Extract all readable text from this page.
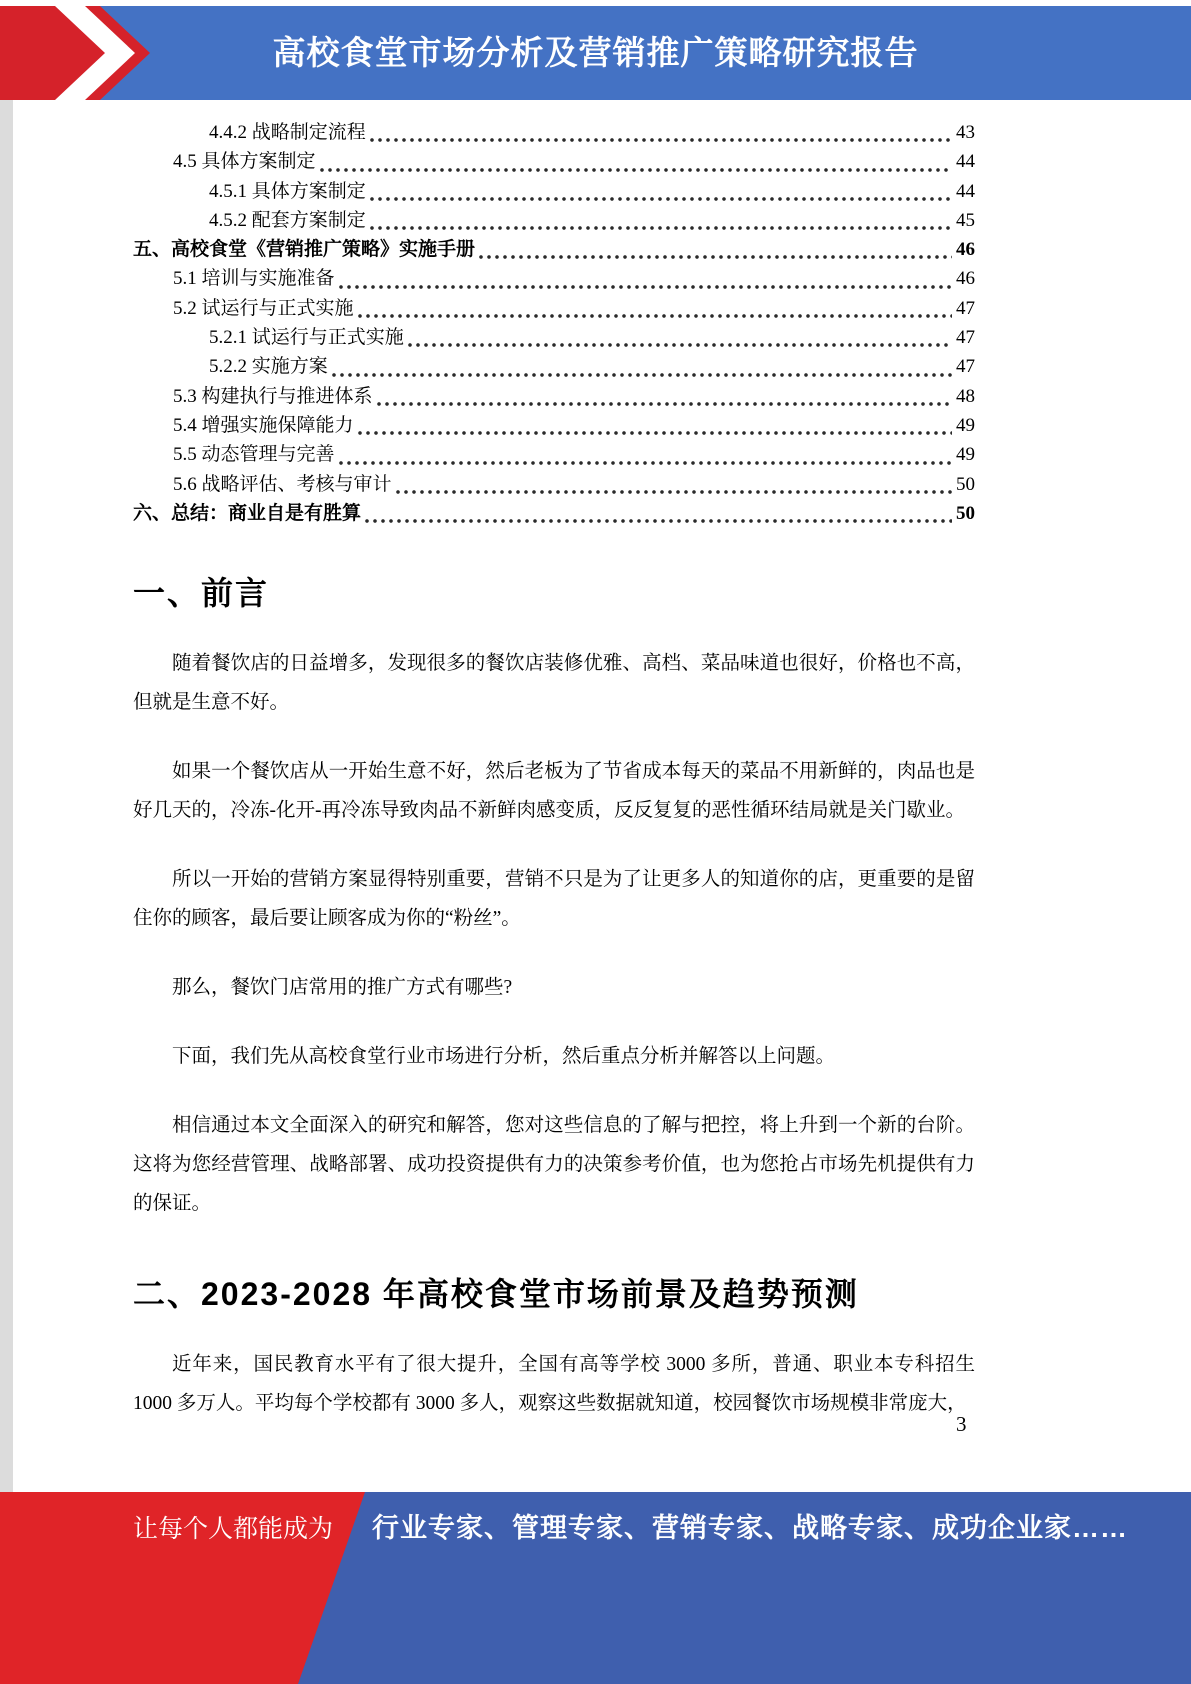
高校食堂市场分析及营销推广策略研究报告
4.4.2 战略制定流程	43
4.5 具体方案制定	44
4.5.1 具体方案制定	44
4.5.2 配套方案制定	45
五、高校食堂《营销推广策略》实施手册	46
5.1 培训与实施准备	46
5.2 试运行与正式实施	47
5.2.1 试运行与正式实施	47
5.2.2 实施方案	47
5.3 构建执行与推进体系	48
5.4 增强实施保障能力	49
5.5 动态管理与完善	49
5.6 战略评估、考核与审计	50
六、总结：商业自是有胜算	50
一、前言

随着餐饮店的日益增多，发现很多的餐饮店装修优雅、高档、菜品味道也很好，价格也不高，但就是生意不好。

如果一个餐饮店从一开始生意不好，然后老板为了节省成本每天的菜品不用新鲜的，肉品也是好几天的，冷冻-化开-再冷冻导致肉品不新鲜肉感变质，反反复复的恶性循环结局就是关门歇业。

所以一开始的营销方案显得特别重要，营销不只是为了让更多人的知道你的店，更重要的是留住你的顾客，最后要让顾客成为你的“粉丝”。

那么，餐饮门店常用的推广方式有哪些?

下面，我们先从高校食堂行业市场进行分析，然后重点分析并解答以上问题。

相信通过本文全面深入的研究和解答，您对这些信息的了解与把控，将上升到一个新的台阶。这将为您经营管理、战略部署、成功投资提供有力的决策参考价值，也为您抢占市场先机提供有力的保证。

二、2023-2028 年高校食堂市场前景及趋势预测

近年来，国民教育水平有了很大提升，全国有高等学校 3000 多所，普通、职业本专科招生 1000 多万人。平均每个学校都有 3000 多人，观察这些数据就知道，校园餐饮市场规模非常庞大，

3
让每个人都能成为 行业专家、管理专家、营销专家、战略专家、成功企业家……
